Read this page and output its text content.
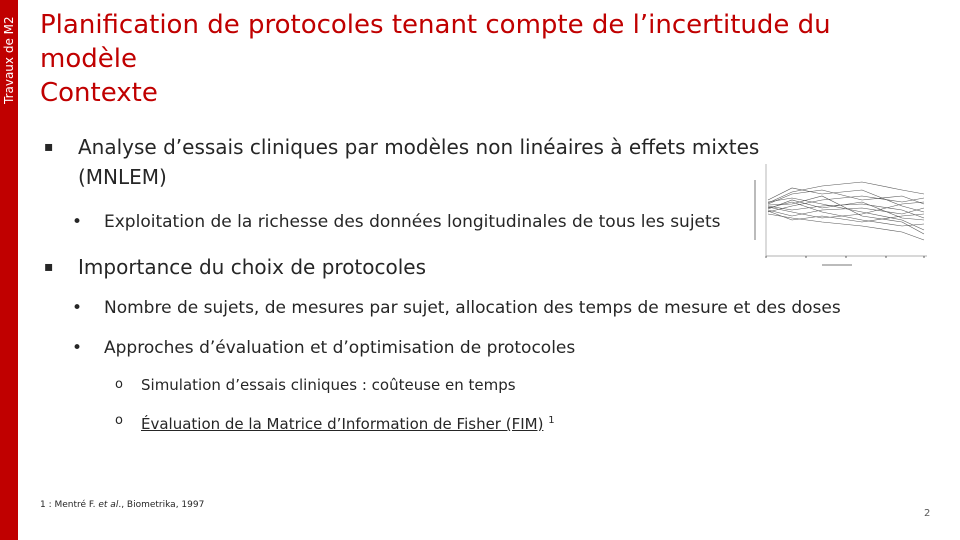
Travaux de M2 Planification de protocoles tenant compte de l’incertitude du
modèle
Contexte
▪	Analyse d’essais cliniques par modèles non linéaires à effets mixtes
(MNLEM)
• Exploitation de la richesse des données longitudinales de tous les sujets
▪	Importance du choix de protocoles
• Nombre de sujets, de mesures par sujet, allocation des temps de mesure et des doses
• Approches d’évaluation et d’optimisation de protocoles
o Simulation d’essais cliniques : coûteuse en temps
o Évaluation de la Matrice d’Information de Fisher (FIM) $^1$
1 : Mentré F. et al., Biometrika, 1997
2
